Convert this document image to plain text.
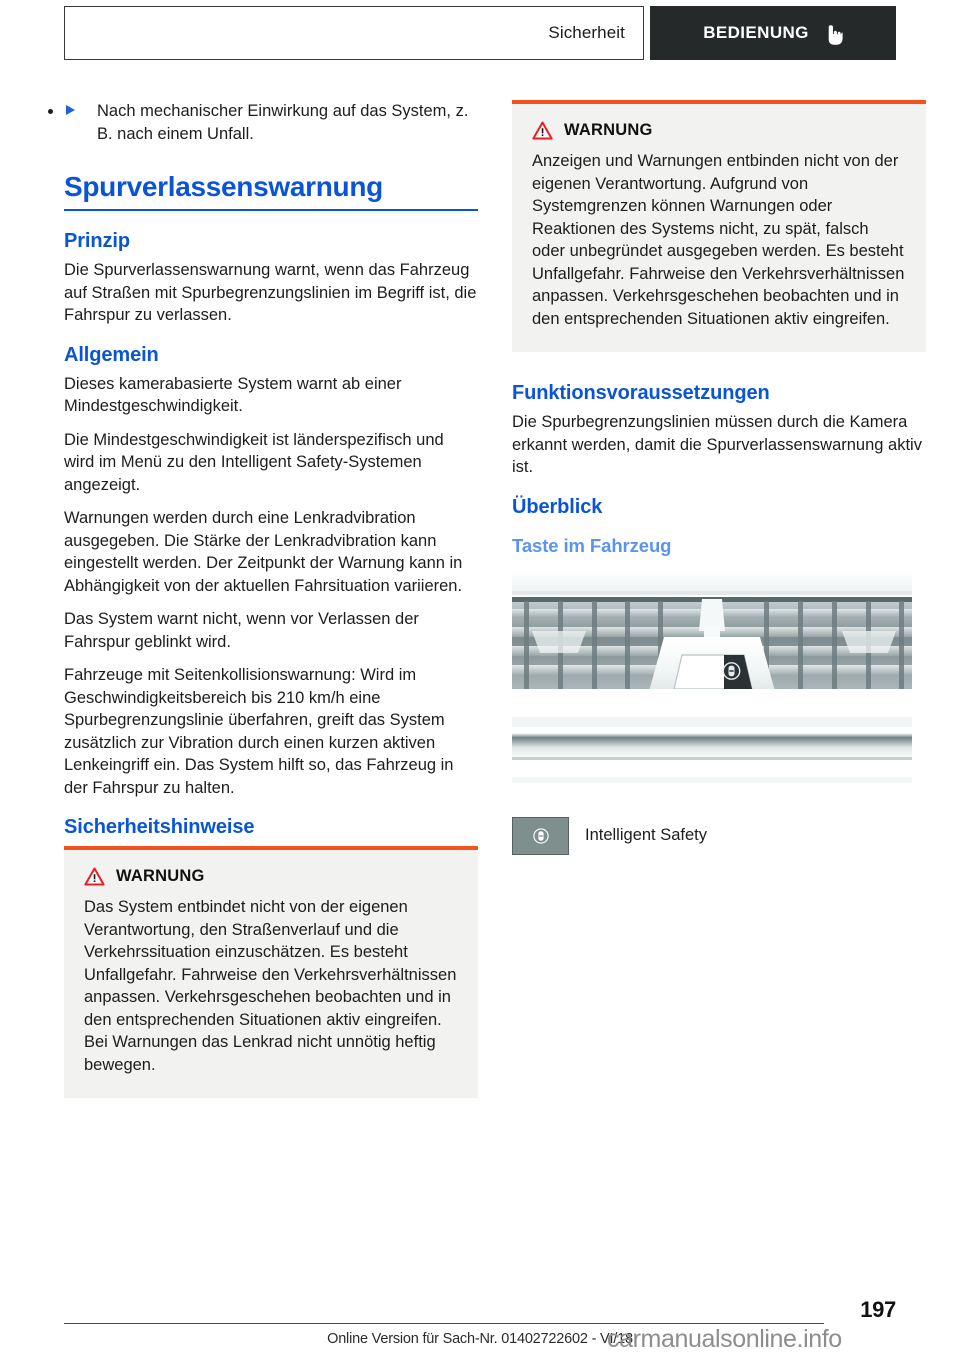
Sicherheit	BEDIENUNG
• Nach mechanischer Einwirkung auf das System, z. B. nach einem Unfall.
Spurverlassenswarnung
Prinzip

Die Spurverlassenswarnung warnt, wenn das Fahrzeug auf Straßen mit Spurbegrenzungslinien im Begriff ist, die Fahrspur zu verlassen.

Allgemein

Dieses kamerabasierte System warnt ab einer Mindestgeschwindigkeit.

Die Mindestgeschwindigkeit ist länderspezifisch und wird im Menü zu den Intelligent Safety-Systemen angezeigt.

Warnungen werden durch eine Lenkradvibration ausgegeben. Die Stärke der Lenkradvibration kann eingestellt werden. Der Zeitpunkt der Warnung kann in Abhängigkeit von der aktuellen Fahrsituation variieren.

Das System warnt nicht, wenn vor Verlassen der Fahrspur geblinkt wird.

Fahrzeuge mit Seitenkollisionswarnung: Wird im Geschwindigkeitsbereich bis 210 km/h eine Spurbegrenzungslinie überfahren, greift das System zusätzlich zur Vibration durch einen kurzen aktiven Lenkeingriff ein. Das System hilft so, das Fahrzeug in der Fahrspur zu halten.

Sicherheitshinweise
WARNUNG

Das System entbindet nicht von der eigenen Verantwortung, den Straßenverlauf und die Verkehrssituation einzuschätzen. Es besteht Unfallgefahr. Fahrweise den Verkehrsverhältnissen anpassen. Verkehrsgeschehen beobachten und in den entsprechenden Situationen aktiv eingreifen. Bei Warnungen das Lenkrad nicht unnötig heftig bewegen.

WARNUNG

Anzeigen und Warnungen entbinden nicht von der eigenen Verantwortung. Aufgrund von Systemgrenzen können Warnungen oder Reaktionen des Systems nicht, zu spät, falsch oder unbegründet ausgegeben werden. Es besteht Unfallgefahr. Fahrweise den Verkehrsverhältnissen anpassen. Verkehrsgeschehen beobachten und in den entsprechenden Situationen aktiv eingreifen.

Funktionsvoraussetzungen

Die Spurbegrenzungslinien müssen durch die Kamera erkannt werden, damit die Spurverlassenswarnung aktiv ist.

Überblick
Taste im Fahrzeug
Intelligent Safety
197
Online Version für Sach-Nr. 01402722602 - VI/18
carmanualsonline.info
